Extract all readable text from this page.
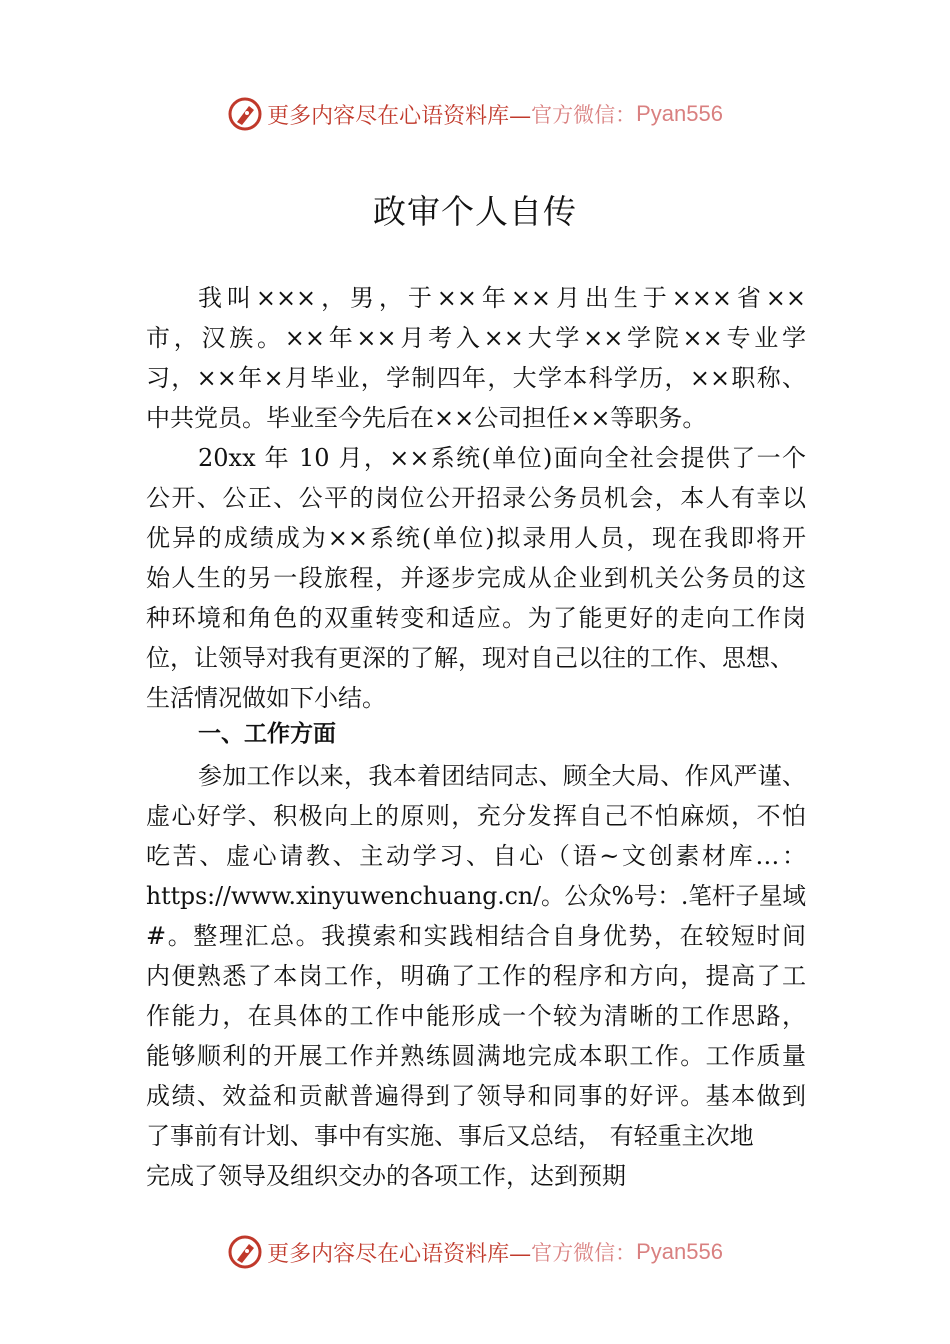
更多内容尽在心语资料库— 官方微信： Pyan556
政审个人自传
我叫×××，男，于××年××月出生于×××省××
市，汉族。××年××月考入××大学××学院××专业学
习，××年×月毕业，学制四年，大学本科学历，××职称、
中共党员。毕业至今先后在××公司担任××等职务。
20xx 年 10 月，××系统(单位)面向全社会提供了一个
公开、公正、公平的岗位公开招录公务员机会，本人有幸以
优异的成绩成为××系统(单位)拟录用人员，现在我即将开
始人生的另一段旅程，并逐步完成从企业到机关公务员的这
种环境和角色的双重转变和适应。为了能更好的走向工作岗
位，让领导对我有更深的了解，现对自己以往的工作、思想、
生活情况做如下小结。
一、工作方面
参加工作以来，我本着团结同志、顾全大局、作风严谨、
虚心好学、积极向上的原则，充分发挥自己不怕麻烦，不怕
吃苦、虚心请教、主动学习、自心（语~文创素材库…：
https://www.xinyuwenchuang.cn/。公众%号：.笔杆子星域
#。整理汇总。我摸索和实践相结合自身优势，在较短时间
内便熟悉了本岗工作，明确了工作的程序和方向，提高了工
作能力，在具体的工作中能形成一个较为清晰的工作思路，
能够顺利的开展工作并熟练圆满地完成本职工作。工作质量
成绩、效益和贡献普遍得到了领导和同事的好评。基本做到
了事前有计划、事中有实施、事后又总结， 有轻重主次地
完成了领导及组织交办的各项工作，达到预期
更多内容尽在心语资料库— 官方微信： Pyan556
